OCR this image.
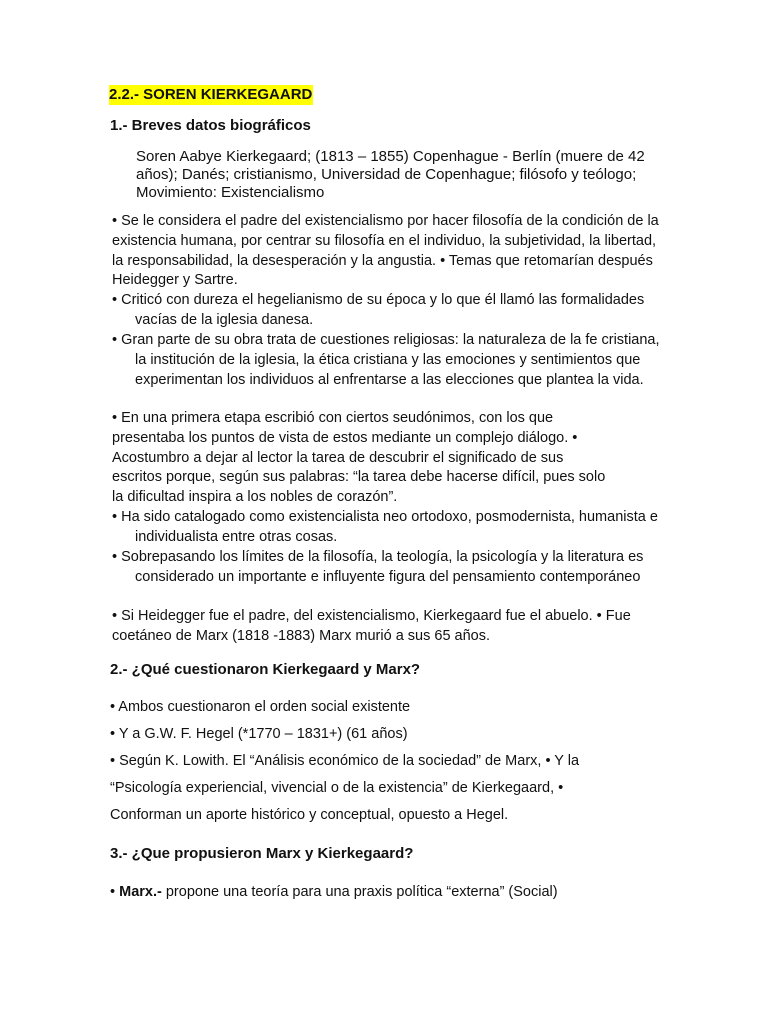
2.2.- SOREN KIERKEGAARD
1.- Breves datos biográficos
Soren Aabye Kierkegaard; (1813 – 1855) Copenhague - Berlín (muere de 42 años); Danés; cristianismo, Universidad de Copenhague; filósofo y teólogo; Movimiento: Existencialismo
• Se le considera el padre del existencialismo por hacer filosofía de la condición de la existencia humana, por centrar su filosofía en el individuo, la subjetividad, la libertad, la responsabilidad, la desesperación y la angustia. • Temas que retomarían después Heidegger y Sartre.
• Criticó con dureza el hegelianismo de su época y lo que él llamó las formalidades vacías de la iglesia danesa.
• Gran parte de su obra trata de cuestiones religiosas: la naturaleza de la fe cristiana, la institución de la iglesia, la ética cristiana y las emociones y sentimientos que experimentan los individuos al enfrentarse a las elecciones que plantea la vida.
• En una primera etapa escribió con ciertos seudónimos, con los que presentaba los puntos de vista de estos mediante un complejo diálogo. • Acostumbro a dejar al lector la tarea de descubrir el significado de sus escritos porque, según sus palabras: “la tarea debe hacerse difícil, pues solo la dificultad inspira a los nobles de corazón”.
• Ha sido catalogado como existencialista neo ortodoxo, posmodernista, humanista e individualista entre otras cosas.
• Sobrepasando los límites de la filosofía, la teología, la psicología y la literatura es considerado un importante e influyente figura del pensamiento contemporáneo
• Si Heidegger fue el padre, del existencialismo, Kierkegaard fue el abuelo. • Fue coetáneo de Marx (1818 -1883) Marx murió a sus 65 años.
2.- ¿Qué cuestionaron Kierkegaard y Marx?
• Ambos cuestionaron el orden social existente
• Y a G.W. F. Hegel (*1770 – 1831+) (61 años)
• Según K. Lowith. El “Análisis económico de la sociedad” de Marx, • Y la
“Psicología experiencial, vivencial o de la existencia” de Kierkegaard, •
Conforman un aporte histórico y conceptual, opuesto a Hegel.
3.- ¿Que propusieron Marx y Kierkegaard?
• Marx.- propone una teoría para una praxis política “externa” (Social)
